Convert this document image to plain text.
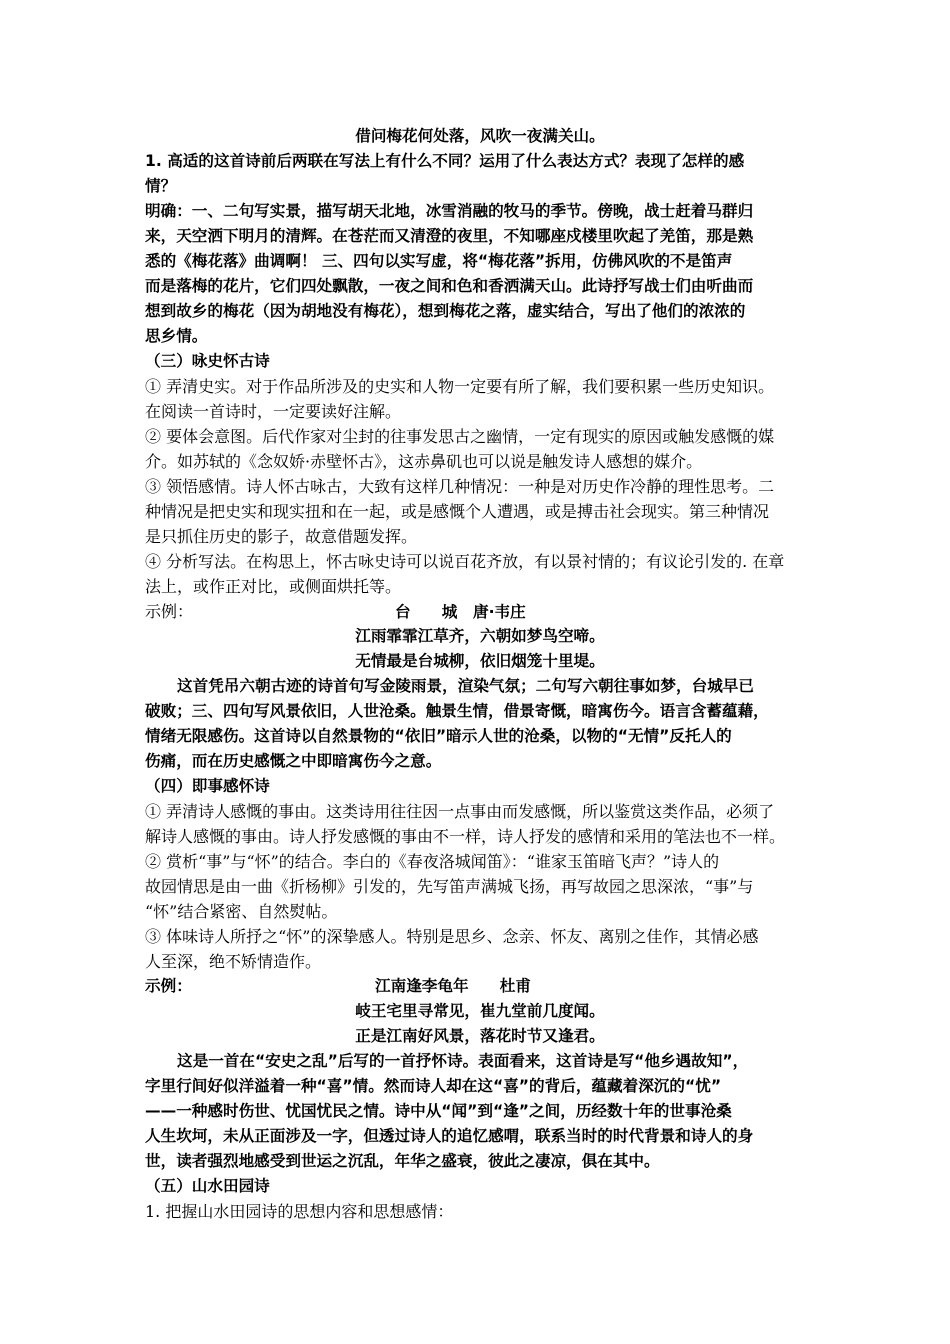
借问梅花何处落，风吹一夜满关山。
1. 高适的这首诗前后两联在写法上有什么不同？运用了什么表达方式？表现了怎样的感
情？
明确：一、二句写实景，描写胡天北地，冰雪消融的牧马的季节。傍晚，战士赶着马群归
来，天空洒下明月的清辉。在苍茫而又清澄的夜里，不知哪座戍楼里吹起了羌笛，那是熟
悉的《梅花落》曲调啊！ 三、四句以实写虚，将“梅花落”拆用，仿佛风吹的不是笛声
而是落梅的花片，它们四处飘散，一夜之间和色和香洒满天山。此诗抒写战士们由听曲而
想到故乡的梅花（因为胡地没有梅花），想到梅花之落，虚实结合，写出了他们的浓浓的
思乡情。
（三）咏史怀古诗
① 弄清史实。对于作品所涉及的史实和人物一定要有所了解，我们要积累一些历史知识。
在阅读一首诗时，一定要读好注解。
② 要体会意图。后代作家对尘封的往事发思古之幽情，一定有现实的原因或触发感慨的媒
介。如苏轼的《念奴娇·赤壁怀古》，这赤鼻矶也可以说是触发诗人感想的媒介。
③ 领悟感情。诗人怀古咏古，大致有这样几种情况：一种是对历史作冷静的理性思考。二
种情况是把史实和现实扭和在一起，或是感慨个人遭遇，或是搏击社会现实。第三种情况
是只抓住历史的影子，故意借题发挥。
④ 分析写法。在构思上，怀古咏史诗可以说百花齐放，有以景衬情的；有议论引发的. 在章
法上，或作正对比，或侧面烘托等。
示例：	台　　城　唐·韦庄
江雨霏霏江草齐，六朝如梦鸟空啼。
无情最是台城柳，依旧烟笼十里堤。
这首凭吊六朝古迹的诗首句写金陵雨景，渲染气氛；二句写六朝往事如梦，台城早已
破败；三、四句写风景依旧，人世沧桑。触景生情，借景寄慨，暗寓伤今。语言含蓄蕴藉，
情绪无限感伤。这首诗以自然景物的“依旧”暗示人世的沧桑，以物的“无情”反托人的
伤痛，而在历史感慨之中即暗寓伤今之意。
（四）即事感怀诗
① 弄清诗人感慨的事由。这类诗用往往因一点事由而发感慨，所以鉴赏这类作品，必须了
解诗人感慨的事由。诗人抒发感慨的事由不一样，诗人抒发的感情和采用的笔法也不一样。
② 赏析“事”与“怀”的结合。李白的《春夜洛城闻笛》：“谁家玉笛暗飞声？”诗人的
故园情思是由一曲《折杨柳》引发的，先写笛声满城飞扬，再写故园之思深浓，“事”与
“怀”结合紧密、自然熨帖。
③ 体味诗人所抒之“怀”的深挚感人。特别是思乡、念亲、怀友、离别之佳作，其情必感
人至深，绝不矫情造作。
示例：	江南逢李龟年　　杜甫
岐王宅里寻常见，崔九堂前几度闻。
正是江南好风景，落花时节又逢君。
这是一首在“安史之乱”后写的一首抒怀诗。表面看来，这首诗是写“他乡遇故知”，
字里行间好似洋溢着一种“喜”情。然而诗人却在这“喜”的背后，蕴藏着深沉的“忧”
——一种感时伤世、忧国忧民之情。诗中从“闻”到“逢”之间，历经数十年的世事沧桑
人生坎坷，未从正面涉及一字，但透过诗人的追忆感喟，联系当时的时代背景和诗人的身
世，读者强烈地感受到世运之沉乱，年华之盛衰，彼此之凄凉，俱在其中。
（五）山水田园诗
1. 把握山水田园诗的思想内容和思想感情：
